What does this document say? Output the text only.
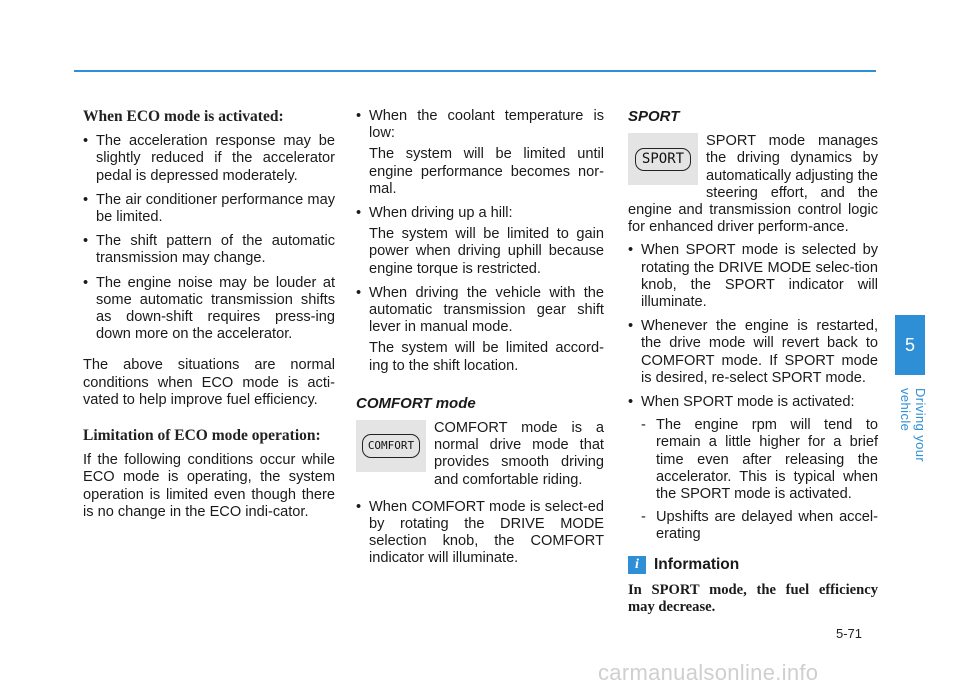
When ECO mode is activated:
• The acceleration response may be slightly reduced if the accelerator pedal is depressed moderately.
• The air conditioner performance may be limited.
• The shift pattern of the automatic transmission may change.
• The engine noise may be louder at some automatic transmission shifts as down-shift requires press-ing down more on the accelerator.

The above situations are normal conditions when ECO mode is acti-vated to help improve fuel efficiency.

Limitation of ECO mode operation:

If the following conditions occur while ECO mode is operating, the system operation is limited even though there is no change in the ECO indi-cator.

• When the coolant temperature is low:
The system will be limited until engine performance becomes nor-mal.
• When driving up a hill:
The system will be limited to gain power when driving uphill because engine torque is restricted.
• When driving the vehicle with the automatic transmission gear shift lever in manual mode.
The system will be limited accord-ing to the shift location.
COMFORT mode
COMFORT

COMFORT mode is a normal drive mode that provides smooth driving and comfortable riding.

• When COMFORT mode is select-ed by rotating the DRIVE MODE selection knob, the COMFORT indicator will illuminate.
SPORT
SPORT

SPORT mode manages the driving dynamics by automatically adjusting the steering effort, and the engine and transmission control logic for enhanced driver perform-ance.

• When SPORT mode is selected by rotating the DRIVE MODE selec-tion knob, the SPORT indicator will illuminate.
• Whenever the engine is restarted, the drive mode will revert back to COMFORT mode. If SPORT mode is desired, re-select SPORT mode.
• When SPORT mode is activated:
- The engine rpm will tend to remain a little higher for a brief time even after releasing the accelerator. This is typical when the SPORT mode is activated.
- Upshifts are delayed when accel-erating
i Information

In SPORT mode, the fuel efficiency may decrease.

5
Driving your vehicle
5-71
carmanualsonline.info
